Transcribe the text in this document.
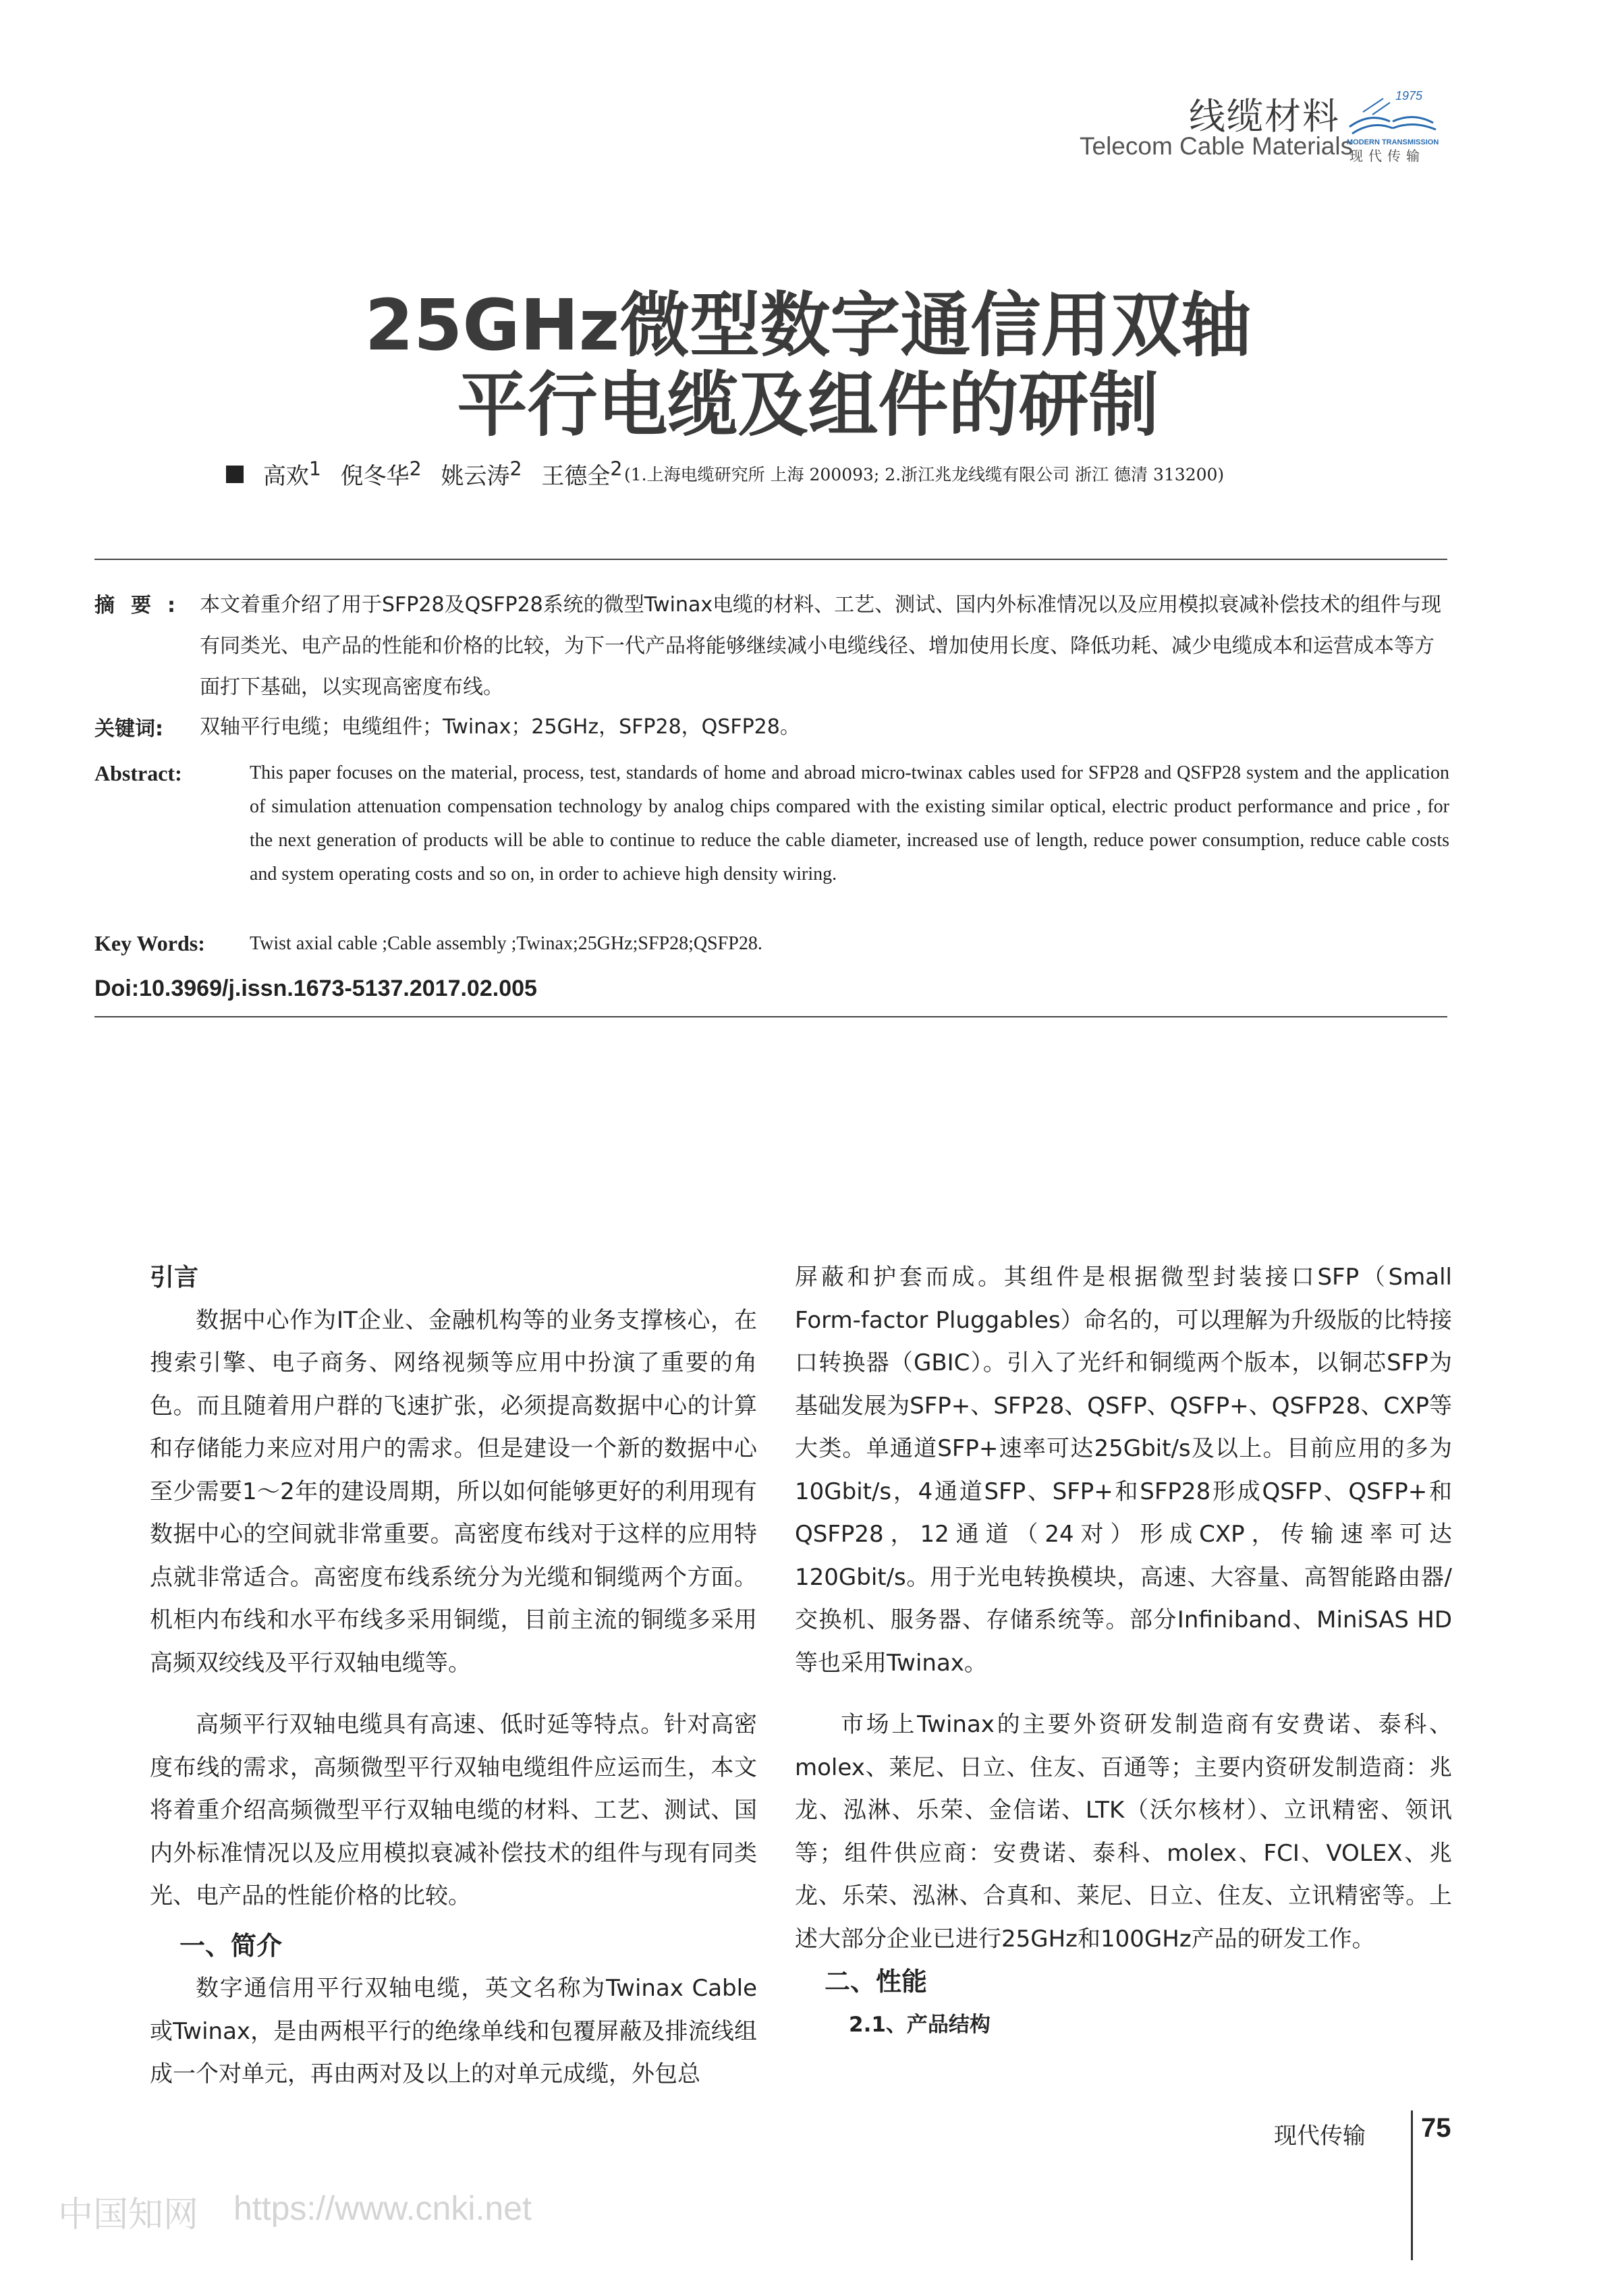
线缆材料
Telecom Cable Materials
1975
MODERN TRANSMISSION
现代传输
25GHz微型数字通信用双轴
平行电缆及组件的研制
高欢$^1$ 倪冬华$^2$ 姚云涛$^2$ 王德全$^2$ (1.上海电缆研究所 上海 200093; 2.浙江兆龙线缆有限公司 浙江 德清 313200)
摘要: 本文着重介绍了用于SFP28及QSFP28系统的微型Twinax电缆的材料、工艺、测试、国内外标准情况以及应用模拟衰减补偿技术的组件与现有同类光、电产品的性能和价格的比较，为下一代产品将能够继续减小电缆线径、增加使用长度、降低功耗、减少电缆成本和运营成本等方面打下基础，以实现高密度布线。
关键词: 双轴平行电缆；电缆组件；Twinax；25GHz，SFP28，QSFP28。
Abstract:	This paper focuses on the material, process, test, standards of home and abroad micro-twinax cables used for SFP28 and QSFP28 system and the application of simulation attenuation compensation technology by analog chips compared with the existing similar optical, electric product performance and price , for the next generation of products will be able to continue to reduce the cable diameter, increased use of length, reduce power consumption, reduce cable costs and system operating costs and so on, in order to achieve high density wiring.
Key Words: Twist axial cable ;Cable assembly ;Twinax;25GHz;SFP28;QSFP28.
Doi:10.3969/j.issn.1673-5137.2017.02.005

引言

数据中心作为IT企业、金融机构等的业务支撑核心，在搜索引擎、电子商务、网络视频等应用中扮演了重要的角色。而且随着用户群的飞速扩张，必须提高数据中心的计算和存储能力来应对用户的需求。但是建设一个新的数据中心至少需要1～2年的建设周期，所以如何能够更好的利用现有数据中心的空间就非常重要。高密度布线对于这样的应用特点就非常适合。高密度布线系统分为光缆和铜缆两个方面。机柜内布线和水平布线多采用铜缆，目前主流的铜缆多采用高频双绞线及平行双轴电缆等。

高频平行双轴电缆具有高速、低时延等特点。针对高密度布线的需求，高频微型平行双轴电缆组件应运而生，本文将着重介绍高频微型平行双轴电缆的材料、工艺、测试、国内外标准情况以及应用模拟衰减补偿技术的组件与现有同类光、电产品的性能价格的比较。

一、简介

数字通信用平行双轴电缆，英文名称为Twinax Cable或Twinax，是由两根平行的绝缘单线和包覆屏蔽及排流线组成一个对单元，再由两对及以上的对单元成缆，外包总

屏蔽和护套而成。其组件是根据微型封装接口SFP（Small Form-factor Pluggables）命名的，可以理解为升级版的比特接口转换器（GBIC）。引入了光纤和铜缆两个版本，以铜芯SFP为基础发展为SFP+、SFP28、QSFP、QSFP+、QSFP28、CXP等大类。单通道SFP+速率可达25Gbit/s及以上。目前应用的多为10Gbit/s，4通道SFP、SFP+和SFP28形成QSFP、QSFP+和QSFP28，12通道（24对）形成CXP，传输速率可达120Gbit/s。用于光电转换模块，高速、大容量、高智能路由器/交换机、服务器、存储系统等。部分Infiniband、MiniSAS HD等也采用Twinax。

市场上Twinax的主要外资研发制造商有安费诺、泰科、molex、莱尼、日立、住友、百通等；主要内资研发制造商：兆龙、泓淋、乐荣、金信诺、LTK（沃尔核材）、立讯精密、领讯等；组件供应商：安费诺、泰科、molex、FCI、VOLEX、兆龙、乐荣、泓淋、合真和、莱尼、日立、住友、立讯精密等。上述大部分企业已进行25GHz和100GHz产品的研发工作。

二、性能

2.1、产品结构

现代传输 75
中国知网 https://www.cnki.net
